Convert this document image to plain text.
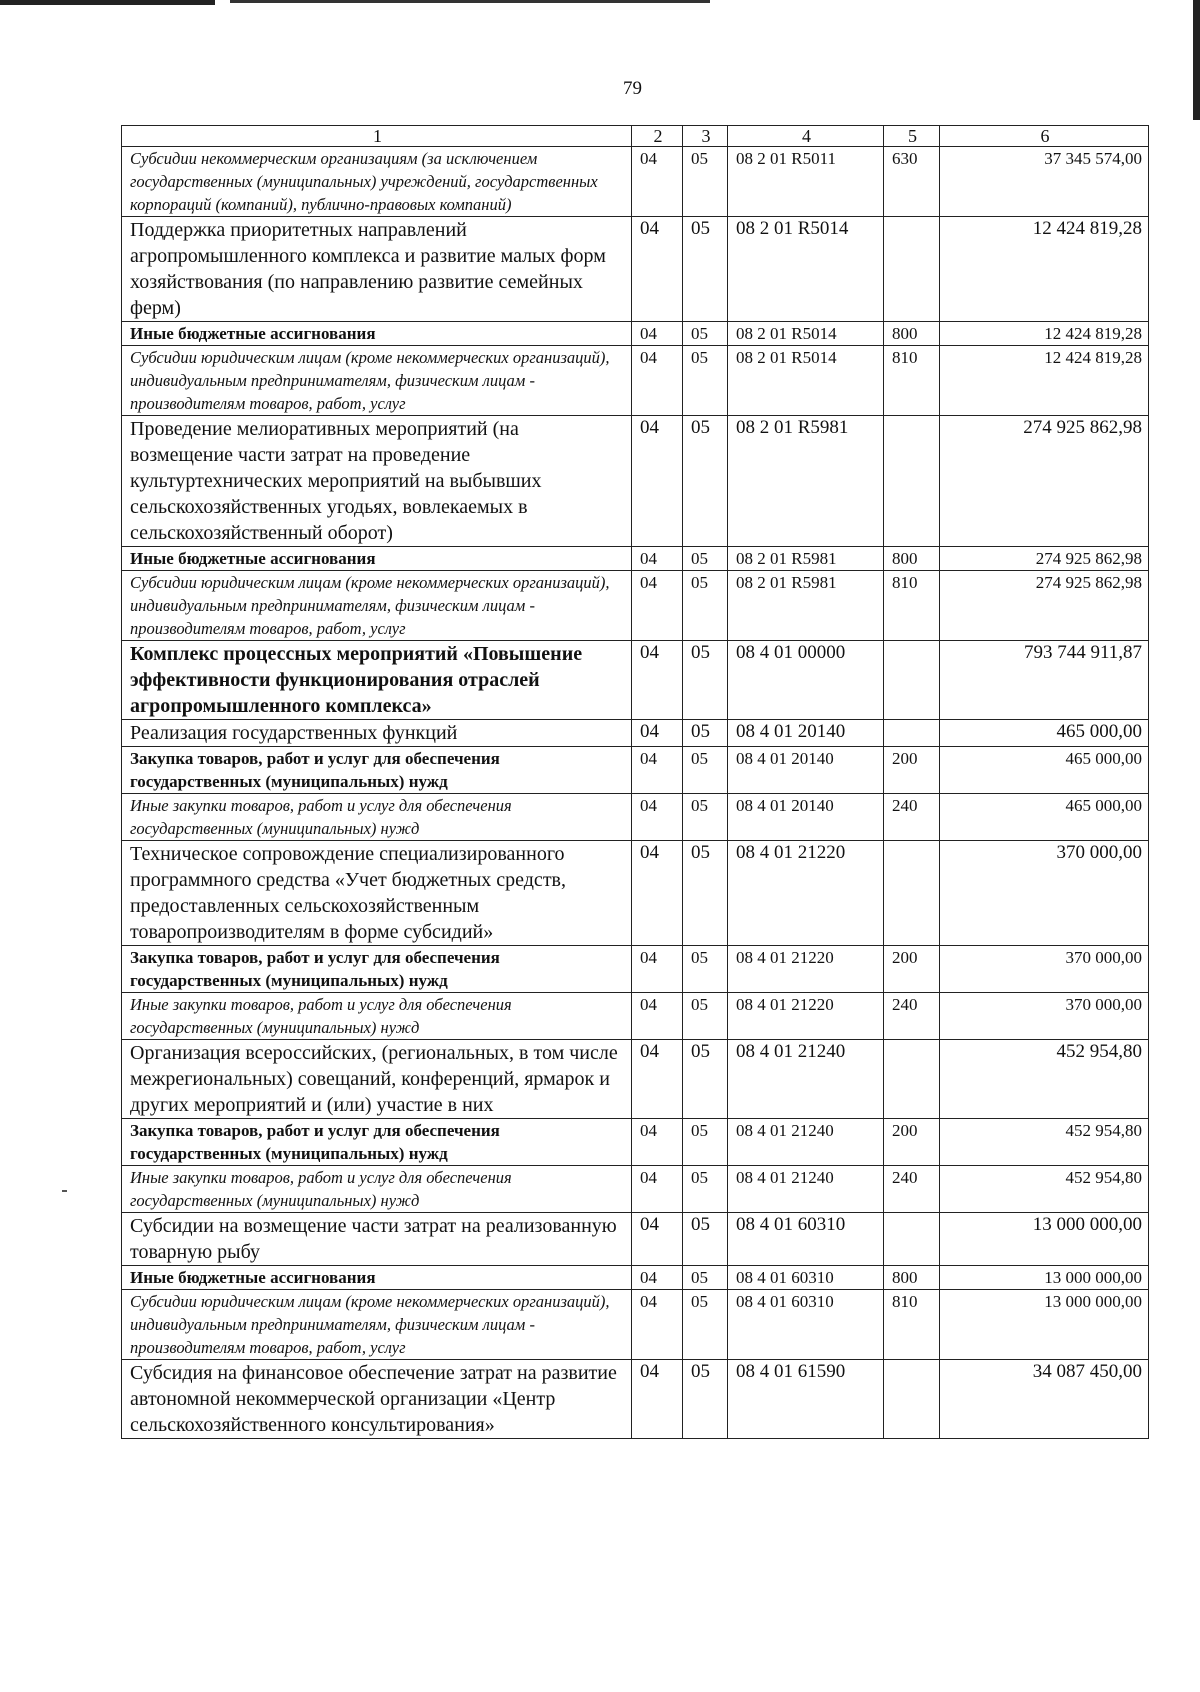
79
1	2	3	4	5	6
Субсидии некоммерческим организациям (за исключением государственных (муниципальных) учреждений, государственных корпораций (компаний), публично-правовых компаний)	04	05	08 2 01 R5011	630	37 345 574,00
Поддержка приоритетных направлений агропромышленного комплекса и развитие малых форм хозяйствования (по направлению развитие семейных ферм)	04	05	08 2 01 R5014		12 424 819,28
Иные бюджетные ассигнования	04	05	08 2 01 R5014	800	12 424 819,28
Субсидии юридическим лицам (кроме некоммерческих организаций), индивидуальным предпринимателям, физическим лицам - производителям товаров, работ, услуг	04	05	08 2 01 R5014	810	12 424 819,28
Проведение мелиоративных мероприятий (на возмещение части затрат на проведение культуртехнических мероприятий на выбывших сельскохозяйственных угодьях, вовлекаемых в сельскохозяйственный оборот)	04	05	08 2 01 R5981		274 925 862,98
Иные бюджетные ассигнования	04	05	08 2 01 R5981	800	274 925 862,98
Субсидии юридическим лицам (кроме некоммерческих организаций), индивидуальным предпринимателям, физическим лицам - производителям товаров, работ, услуг	04	05	08 2 01 R5981	810	274 925 862,98
Комплекс процессных мероприятий «Повышение эффективности функционирования отраслей агропромышленного комплекса»	04	05	08 4 01 00000		793 744 911,87
Реализация государственных функций	04	05	08 4 01 20140		465 000,00
Закупка товаров, работ и услуг для обеспечения государственных (муниципальных) нужд	04	05	08 4 01 20140	200	465 000,00
Иные закупки товаров, работ и услуг для обеспечения государственных (муниципальных) нужд	04	05	08 4 01 20140	240	465 000,00
Техническое сопровождение специализированного программного средства «Учет бюджетных средств, предоставленных сельскохозяйственным товаропроизводителям в форме субсидий»	04	05	08 4 01 21220		370 000,00
Закупка товаров, работ и услуг для обеспечения государственных (муниципальных) нужд	04	05	08 4 01 21220	200	370 000,00
Иные закупки товаров, работ и услуг для обеспечения государственных (муниципальных) нужд	04	05	08 4 01 21220	240	370 000,00
Организация всероссийских, (региональных, в том числе межрегиональных) совещаний, конференций, ярмарок и других мероприятий и (или) участие в них	04	05	08 4 01 21240		452 954,80
Закупка товаров, работ и услуг для обеспечения государственных (муниципальных) нужд	04	05	08 4 01 21240	200	452 954,80
Иные закупки товаров, работ и услуг для обеспечения государственных (муниципальных) нужд	04	05	08 4 01 21240	240	452 954,80
Субсидии на возмещение части затрат на реализованную товарную рыбу	04	05	08 4 01 60310		13 000 000,00
Иные бюджетные ассигнования	04	05	08 4 01 60310	800	13 000 000,00
Субсидии юридическим лицам (кроме некоммерческих организаций), индивидуальным предпринимателям, физическим лицам - производителям товаров, работ, услуг	04	05	08 4 01 60310	810	13 000 000,00
Субсидия на финансовое обеспечение затрат на развитие автономной некоммерческой организации «Центр сельскохозяйственного консультирования»	04	05	08 4 01 61590		34 087 450,00
